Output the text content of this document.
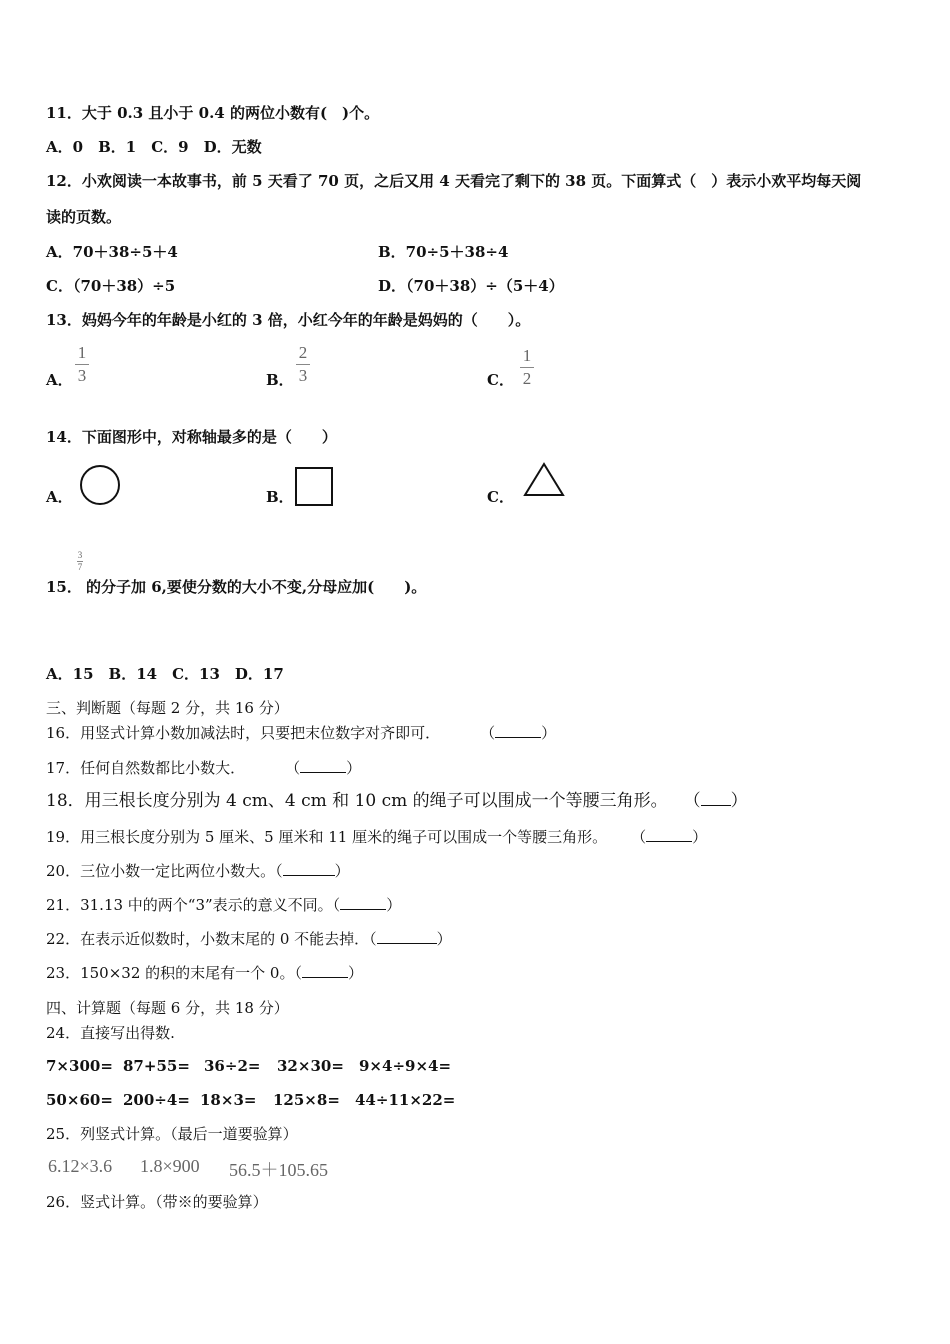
11．大于 0.3 且小于 0.4 的两位小数有(　)个。
A．0　B．1　C．9　D．无数
12．小欢阅读一本故事书，前 5 天看了 70 页，之后又用 4 天看完了剩下的 38 页。下面算式（　）表示小欢平均每天阅
读的页数。
A．70＋38÷5＋4	B．70÷5＋38÷4
C．（70＋38）÷5	D．（70＋38）÷（5＋4）
13．妈妈今年的年龄是小红的 3 倍，小红今年的年龄是妈妈的（　　）。
A．
1
3	B．
2
3	C．
1
2
14．下面图形中，对称轴最多的是（　　）
A．	B．	C．
15．
3
7
的分子加 6,要使分数的大小不变,分母应加(　　)。
A．15　B．14　C．13　D．17
三、判断题（每题 2 分，共 16 分）
16．用竖式计算小数加减法时，只要把末位数字对齐即可．	（	）
17．任何自然数都比小数大．	（	）
18．用三根长度分别为 4 cm、4 cm 和 10 cm 的绳子可以围成一个等腰三角形。 （ ）
19．用三根长度分别为 5 厘米、5 厘米和 11 厘米的绳子可以围成一个等腰三角形。 （	）
20．三位小数一定比两位小数大。（	）
21．31.13 中的两个“3”表示的意义不同。（	）
22．在表示近似数时，小数末尾的 0 不能去掉．（	）
23．150×32 的积的末尾有一个 0。（	）
四、计算题（每题 6 分，共 18 分）
24．直接写出得数.
7×300= 87+55= 36÷2= 32×30= 9×4÷9×4=
50×60= 200÷4= 18×3= 125×8= 44÷11×22=
25．列竖式计算。（最后一道要验算）
6.12×3.6 1.8×900 56.5＋105.65
26．竖式计算。（带※的要验算）
